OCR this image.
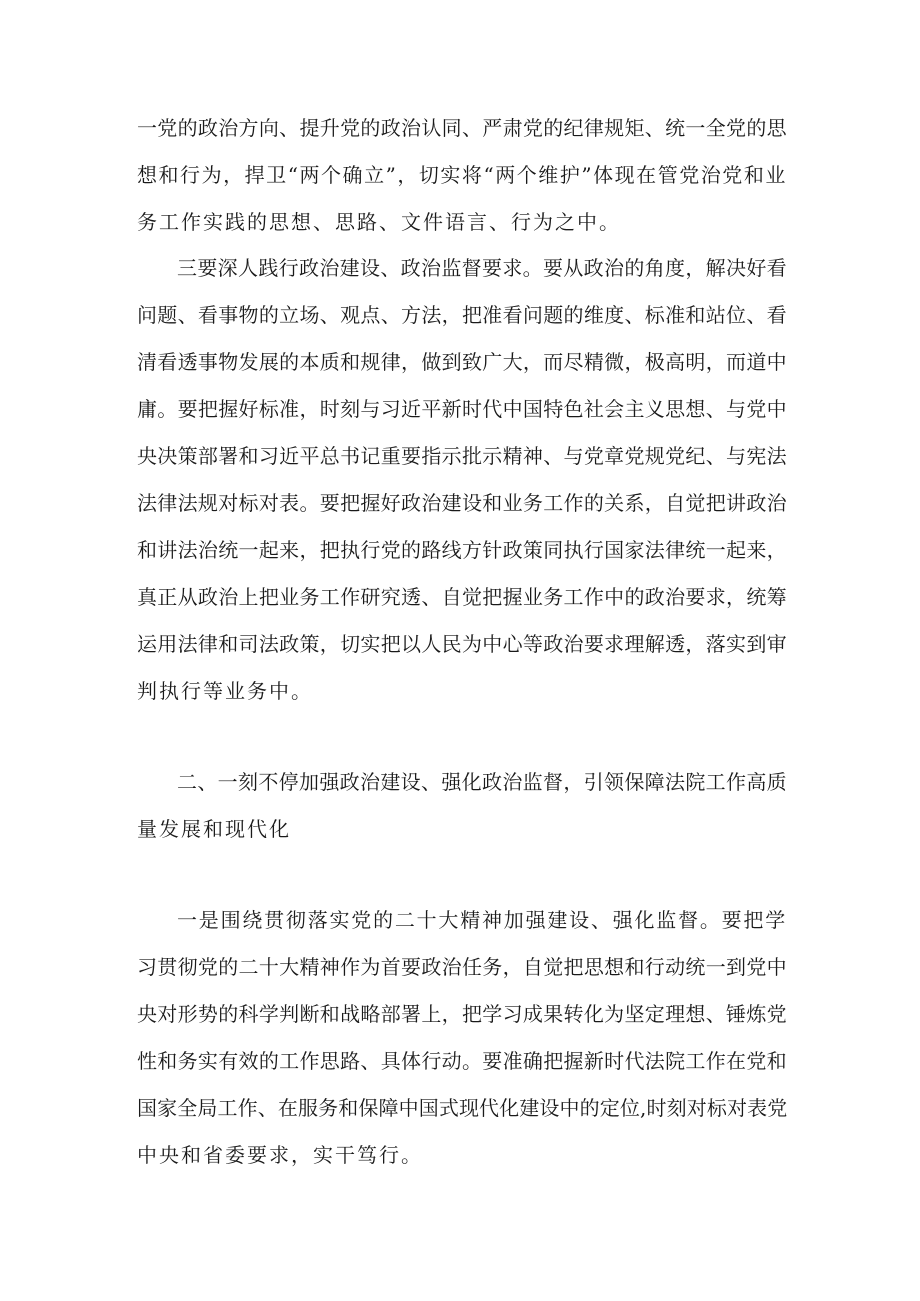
一党的政治方向、提升党的政治认同、严肃党的纪律规矩、统一全党的思
想和行为，捍卫“两个确立”，切实将“两个维护”体现在管党治党和业
务工作实践的思想、思路、文件语言、行为之中。
三要深人践行政治建设、政治监督要求。要从政治的角度，解决好看
问题、看事物的立场、观点、方法，把准看问题的维度、标准和站位、看
清看透事物发展的本质和规律，做到致广大，而尽精微，极高明，而道中
庸。要把握好标准，时刻与习近平新时代中国特色社会主义思想、与党中
央决策部署和习近平总书记重要指示批示精神、与党章党规党纪、与宪法
法律法规对标对表。要把握好政治建设和业务工作的关系，自觉把讲政治
和讲法治统一起来，把执行党的路线方针政策同执行国家法律统一起来，
真正从政治上把业务工作研究透、自觉把握业务工作中的政治要求，统筹
运用法律和司法政策，切实把以人民为中心等政治要求理解透，落实到审
判执行等业务中。
二、一刻不停加强政治建设、强化政治监督，引领保障法院工作高质
量发展和现代化
一是围绕贯彻落实党的二十大精神加强建设、强化监督。要把学
习贯彻党的二十大精神作为首要政治任务，自觉把思想和行动统一到党中
央对形势的科学判断和战略部署上，把学习成果转化为坚定理想、锤炼党
性和务实有效的工作思路、具体行动。要准确把握新时代法院工作在党和
国家全局工作、在服务和保障中国式现代化建设中的定位,时刻对标对表党
中央和省委要求，实干笃行。
